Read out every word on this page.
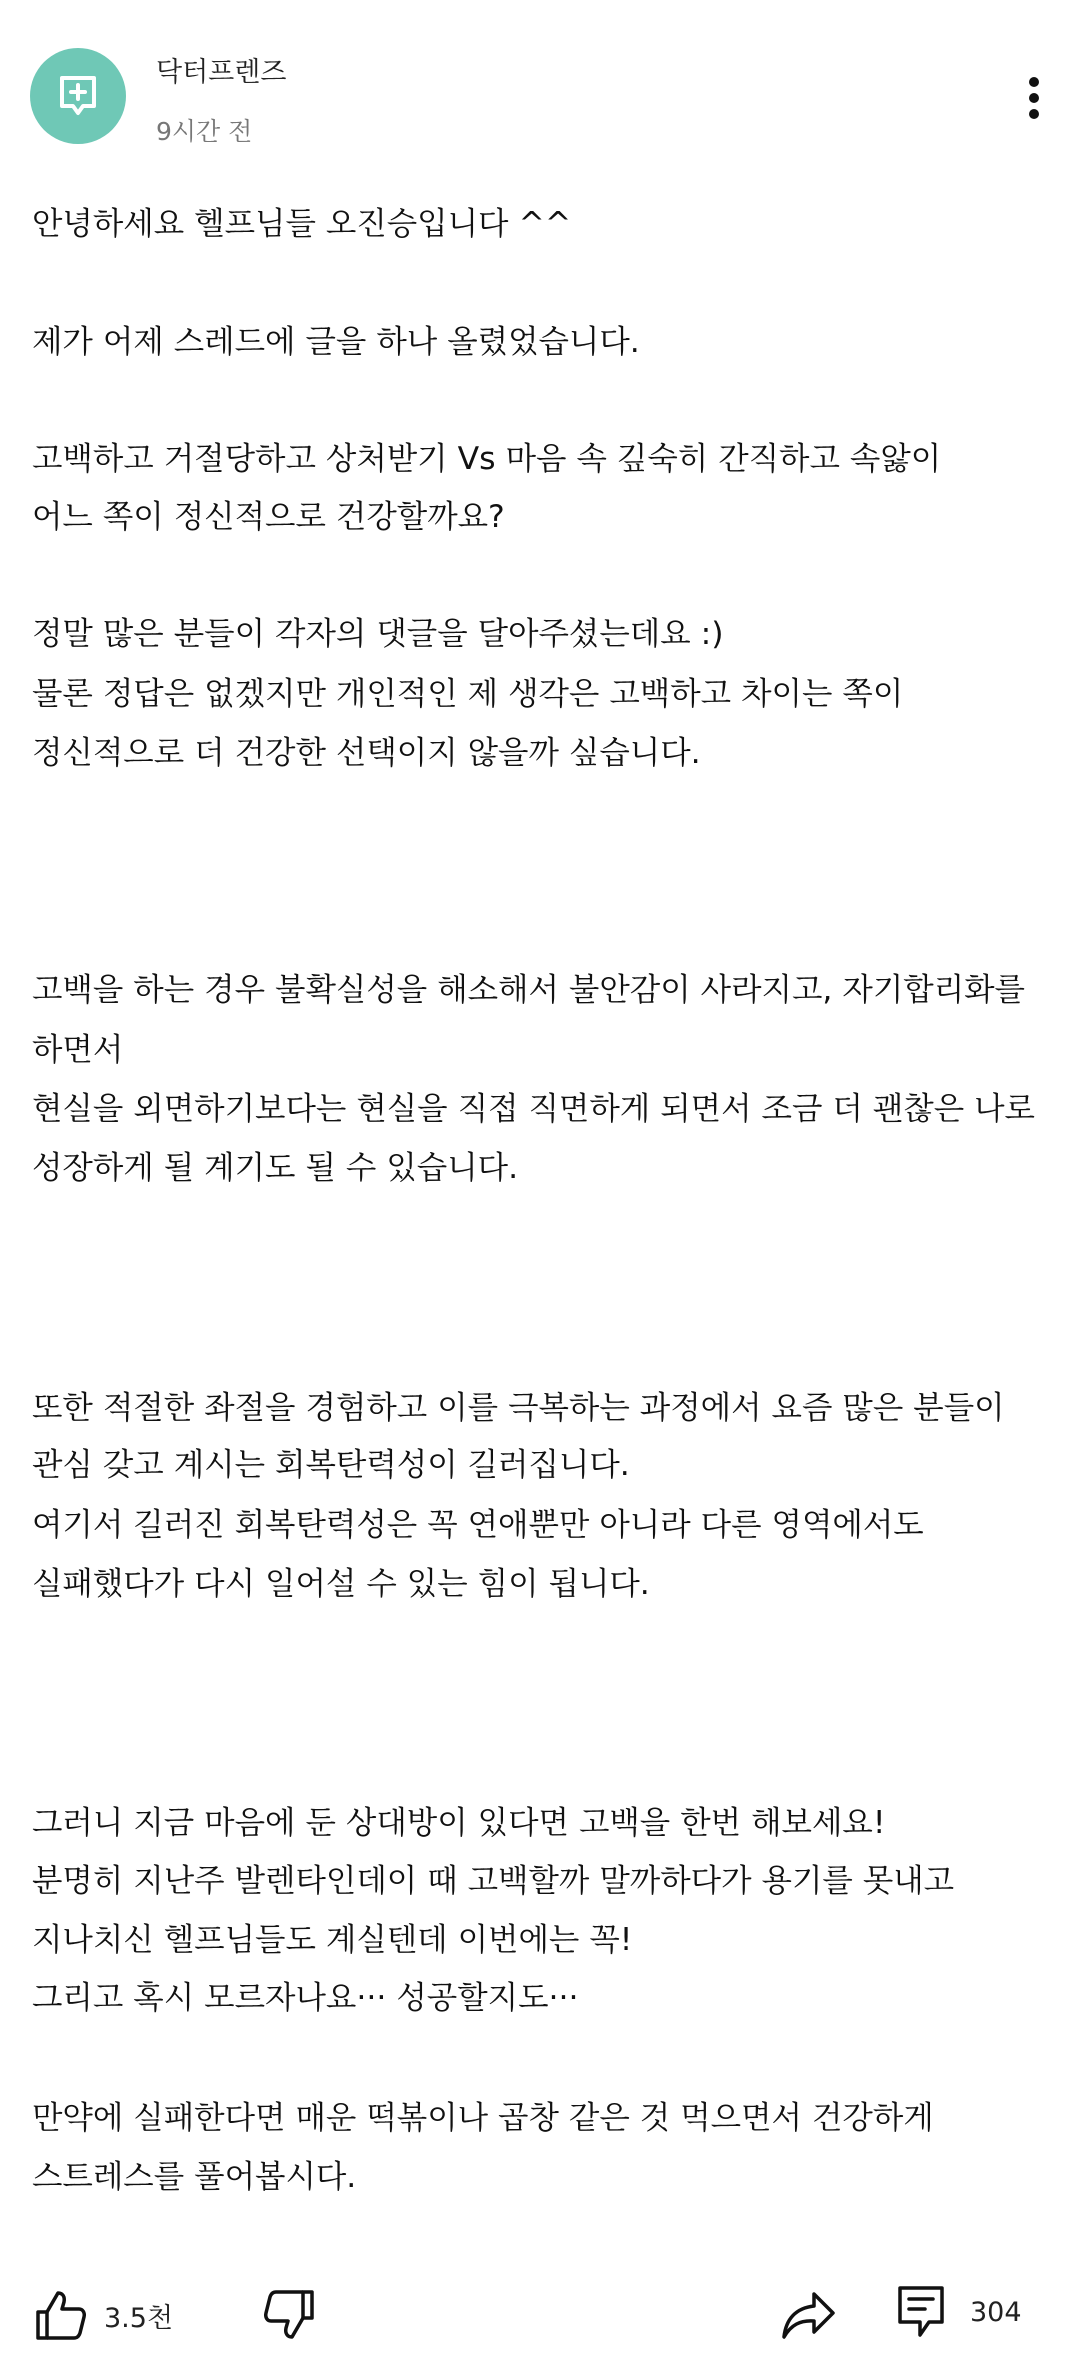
닥터프렌즈
9시간 전
안녕하세요 헬프님들 오진승입니다 ^^
제가 어제 스레드에 글을 하나 올렸었습니다.
고백하고 거절당하고 상처받기 Vs 마음 속 깊숙히 간직하고 속앓이
어느 쪽이 정신적으로 건강할까요?
정말 많은 분들이 각자의 댓글을 달아주셨는데요 :)
물론 정답은 없겠지만 개인적인 제 생각은 고백하고 차이는 쪽이
정신적으로 더 건강한 선택이지 않을까 싶습니다.
고백을 하는 경우 불확실성을 해소해서 불안감이 사라지고, 자기합리화를
하면서
현실을 외면하기보다는 현실을 직접 직면하게 되면서 조금 더 괜찮은 나로
성장하게 될 계기도 될 수 있습니다.
또한 적절한 좌절을 경험하고 이를 극복하는 과정에서 요즘 많은 분들이
관심 갖고 계시는 회복탄력성이 길러집니다.
여기서 길러진 회복탄력성은 꼭 연애뿐만 아니라 다른 영역에서도
실패했다가 다시 일어설 수 있는 힘이 됩니다.
그러니 지금 마음에 둔 상대방이 있다면 고백을 한번 해보세요!
분명히 지난주 발렌타인데이 때 고백할까 말까하다가 용기를 못내고
지나치신 헬프님들도 계실텐데 이번에는 꼭!
그리고 혹시 모르자나요··· 성공할지도···
만약에 실패한다면 매운 떡볶이나 곱창 같은 것 먹으면서 건강하게
스트레스를 풀어봅시다.
3.5천	304
